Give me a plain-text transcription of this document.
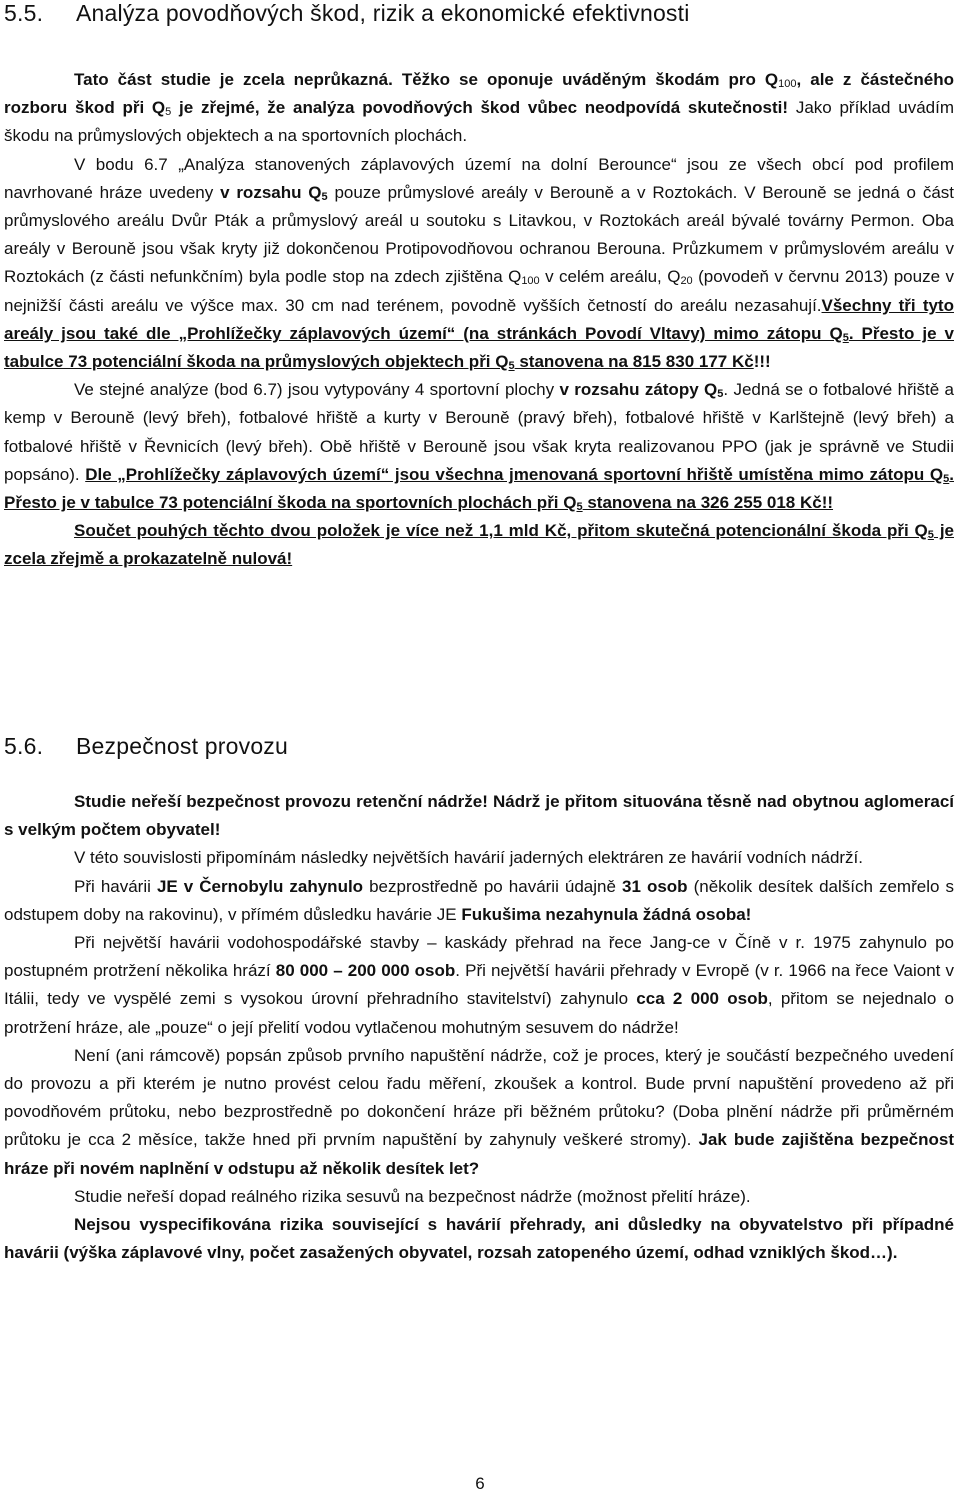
5.5. Analýza povodňových škod, rizik a ekonomické efektivnosti

Tato část studie je zcela neprůkazná. Těžko se oponuje uváděným škodám pro $Q_{100}$, ale z částečného rozboru škod při $Q_5$ je zřejmé, že analýza povodňových škod vůbec neodpovídá skutečnosti! Jako příklad uvádím škodu na průmyslových objektech a na sportovních plochách.

V bodu 6.7 „Analýza stanovených záplavových území na dolní Berounce“ jsou ze všech obcí pod profilem navrhované hráze uvedeny v rozsahu $Q_5$ pouze průmyslové areály v Berouně a v Roztokách. V Berouně se jedná o část průmyslového areálu Dvůr Pták a průmyslový areál u soutoku s Litavkou, v Roztokách areál bývalé továrny Permon. Oba areály v Berouně jsou však kryty již dokončenou Protipovodňovou ochranou Berouna. Průzkumem v průmyslovém areálu v Roztokách (z části nefunkčním) byla podle stop na zdech zjištěna $Q_{100}$ v celém areálu, $Q_{20}$ (povodeň v červnu 2013) pouze v nejnižší části areálu ve výšce max. 30 cm nad terénem, povodně vyšších četností do areálu nezasahují.Všechny tři tyto areály jsou také dle „Prohlížečky záplavových území“ (na stránkách Povodí Vltavy) mimo zátopu $Q_5$. Přesto je v tabulce 73 potenciální škoda na průmyslových objektech při $Q_5$ stanovena na 815 830 177 Kč!!!

Ve stejné analýze (bod 6.7) jsou vytypovány 4 sportovní plochy v rozsahu zátopy $Q_5$. Jedná se o fotbalové hřiště a kemp v Berouně (levý břeh), fotbalové hřiště a kurty v Berouně (pravý břeh), fotbalové hřiště v Karlštejně (levý břeh) a fotbalové hřiště v Řevnicích (levý břeh). Obě hřiště v Berouně jsou však kryta realizovanou PPO (jak je správně ve Studii popsáno). Dle „Prohlížečky záplavových území“ jsou všechna jmenovaná sportovní hřiště umístěna mimo zátopu $Q_5$. Přesto je v tabulce 73 potenciální škoda na sportovních plochách při $Q_5$ stanovena na 326 255 018 Kč!!

Součet pouhých těchto dvou položek je více než 1,1 mld Kč, přitom skutečná potencionální škoda při $Q_5$ je zcela zřejmě a prokazatelně nulová!

5.6. Bezpečnost provozu

Studie neřeší bezpečnost provozu retenční nádrže! Nádrž je přitom situována těsně nad obytnou aglomerací s velkým počtem obyvatel!

V této souvislosti připomínám následky největších havárií jaderných elektráren ze havárií vodních nádrží.

Při havárii JE v Černobylu zahynulo bezprostředně po havárii údajně 31 osob (několik desítek dalších zemřelo s odstupem doby na rakovinu), v přímém důsledku havárie JE Fukušima nezahynula žádná osoba!

Při největší havárii vodohospodářské stavby – kaskády přehrad na řece Jang-ce v Číně v r. 1975 zahynulo po postupném protržení několika hrází 80 000 – 200 000 osob. Při největší havárii přehrady v Evropě (v r. 1966 na řece Vaiont v Itálii, tedy ve vyspělé zemi s vysokou úrovní přehradního stavitelství) zahynulo cca 2 000 osob, přitom se nejednalo o protržení hráze, ale „pouze“ o její přelití vodou vytlačenou mohutným sesuvem do nádrže!

Není (ani rámcově) popsán způsob prvního napuštění nádrže, což je proces, který je součástí bezpečného uvedení do provozu a při kterém je nutno provést celou řadu měření, zkoušek a kontrol. Bude první napuštění provedeno až při povodňovém průtoku, nebo bezprostředně po dokončení hráze při běžném průtoku? (Doba plnění nádrže při průměrném průtoku je cca 2 měsíce, takže hned při prvním napuštění by zahynuly veškeré stromy). Jak bude zajištěna bezpečnost hráze při novém naplnění v odstupu až několik desítek let?

Studie neřeší dopad reálného rizika sesuvů na bezpečnost nádrže (možnost přelití hráze).

Nejsou vyspecifikována rizika související s havárií přehrady, ani důsledky na obyvatelstvo při případné havárii (výška záplavové vlny, počet zasažených obyvatel, rozsah zatopeného území, odhad vzniklých škod…).

6
